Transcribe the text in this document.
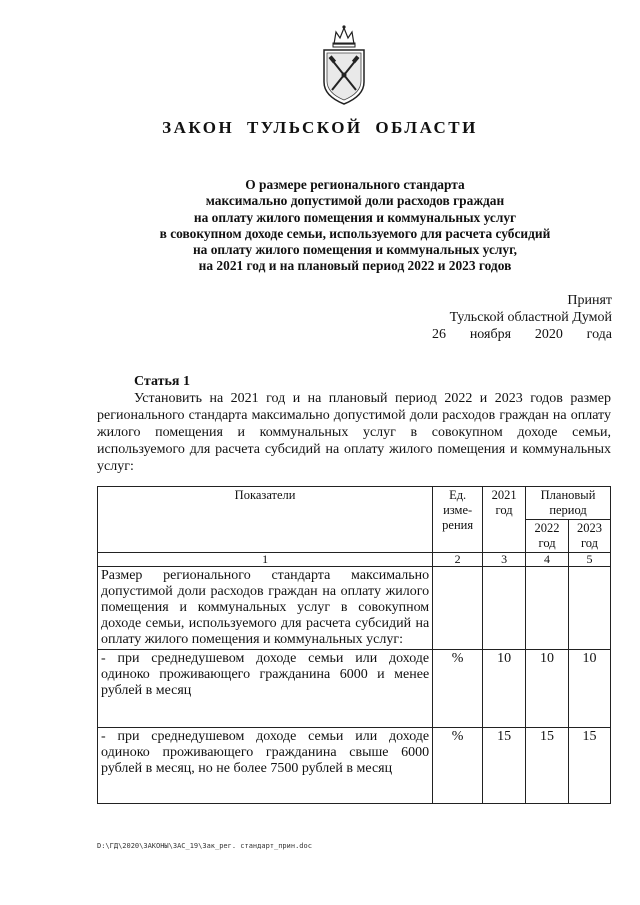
ЗАКОН ТУЛЬСКОЙ ОБЛАСТИ
О размере регионального стандарта
максимально допустимой доли расходов граждан
на оплату жилого помещения и коммунальных услуг
в совокупном доходе семьи, используемого для расчета субсидий
на оплату жилого помещения и коммунальных услуг,
на 2021 год и на плановый период 2022 и 2023 годов
Принят
Тульской областной Думой
26 ноября 2020 года
Статья 1
Установить на 2021 год и на плановый период 2022 и 2023 годов размер регионального стандарта максимально допустимой доли расходов граждан на оплату жилого помещения и коммунальных услуг в совокупном доходе семьи, используемого для расчета субсидий на оплату жилого помещения и коммунальных услуг:
Показатели	Ед. изме-рения	2021 год	Плановый период	
			2022 год	2023 год
1	2	3	4	5
Размер регионального стандарта максимально допустимой доли расходов граждан на оплату жилого помещения и коммунальных услуг в совокупном доходе семьи, используемого для расчета субсидий на оплату жилого помещения и коммунальных услуг:				
- при среднедушевом доходе семьи или доходе одиноко проживающего гражданина 6000 и менее рублей в месяц	%	10	10	10
- при среднедушевом доходе семьи или доходе одиноко проживающего гражданина свыше 6000 рублей в месяц, но не более 7500 рублей в месяц	%	15	15	15
D:\ГД\2020\ЗАКОНЫ\ЗАС_19\Зак_рег. стандарт_прин.doc
